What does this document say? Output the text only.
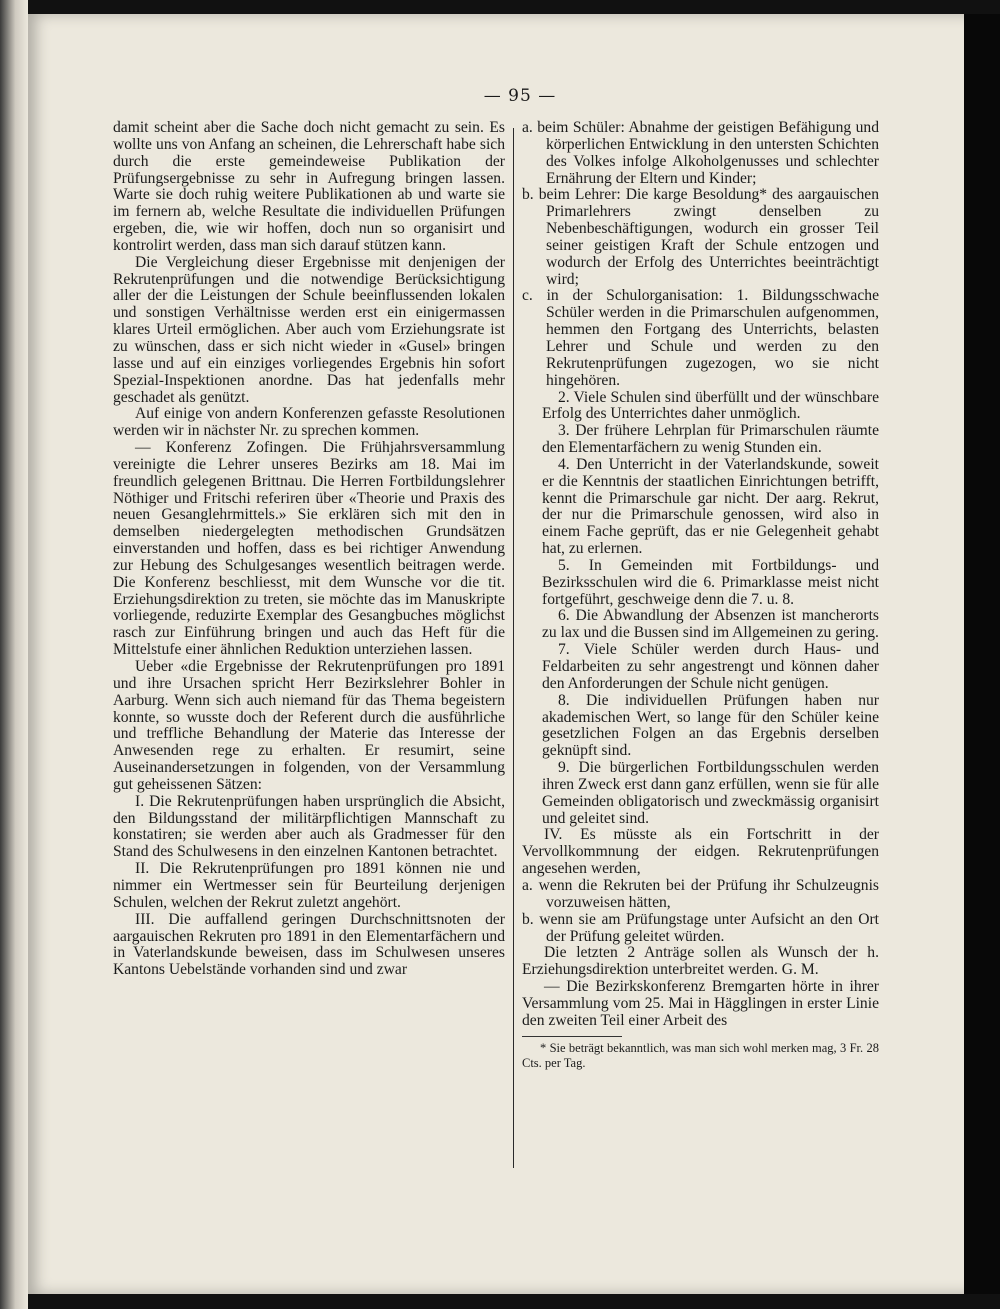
— 95 —

damit scheint aber die Sache doch nicht gemacht zu sein. Es wollte uns von Anfang an scheinen, die Lehrerschaft habe sich durch die erste gemeindeweise Publikation der Prüfungsergebnisse zu sehr in Aufregung bringen lassen. Warte sie doch ruhig weitere Publikationen ab und warte sie im fernern ab, welche Resultate die individuellen Prüfungen ergeben, die, wie wir hoffen, doch nun so organisirt und kontrolirt werden, dass man sich darauf stützen kann.

Die Vergleichung dieser Ergebnisse mit denjenigen der Rekrutenprüfungen und die notwendige Berücksichtigung aller der die Leistungen der Schule beeinflussenden lokalen und sonstigen Verhältnisse werden erst ein einigermassen klares Urteil ermöglichen. Aber auch vom Erziehungsrate ist zu wünschen, dass er sich nicht wieder in «Gusel» bringen lasse und auf ein einziges vorliegendes Ergebnis hin sofort Spezial-Inspektionen anordne. Das hat jedenfalls mehr geschadet als genützt.

Auf einige von andern Konferenzen gefasste Resolutionen werden wir in nächster Nr. zu sprechen kommen.

— Konferenz Zofingen. Die Frühjahrsversammlung vereinigte die Lehrer unseres Bezirks am 18. Mai im freundlich gelegenen Brittnau. Die Herren Fortbildungslehrer Nöthiger und Fritschi referiren über «Theorie und Praxis des neuen Gesanglehrmittels.» Sie erklären sich mit den in demselben niedergelegten methodischen Grundsätzen einverstanden und hoffen, dass es bei richtiger Anwendung zur Hebung des Schulgesanges wesentlich beitragen werde. Die Konferenz beschliesst, mit dem Wunsche vor die tit. Erziehungsdirektion zu treten, sie möchte das im Manuskripte vorliegende, reduzirte Exemplar des Gesangbuches möglichst rasch zur Einführung bringen und auch das Heft für die Mittelstufe einer ähnlichen Reduktion unterziehen lassen.

Ueber «die Ergebnisse der Rekrutenprüfungen pro 1891 und ihre Ursachen spricht Herr Bezirkslehrer Bohler in Aarburg. Wenn sich auch niemand für das Thema begeistern konnte, so wusste doch der Referent durch die ausführliche und treffliche Behandlung der Materie das Interesse der Anwesenden rege zu erhalten. Er resumirt, seine Auseinandersetzungen in folgenden, von der Versammlung gut geheissenen Sätzen:

I. Die Rekrutenprüfungen haben ursprünglich die Absicht, den Bildungsstand der militärpflichtigen Mannschaft zu konstatiren; sie werden aber auch als Gradmesser für den Stand des Schulwesens in den einzelnen Kantonen betrachtet.

II. Die Rekrutenprüfungen pro 1891 können nie und nimmer ein Wertmesser sein für Beurteilung derjenigen Schulen, welchen der Rekrut zuletzt angehört.

III. Die auffallend geringen Durchschnittsnoten der aargauischen Rekruten pro 1891 in den Elementarfächern und in Vaterlandskunde beweisen, dass im Schulwesen unseres Kantons Uebelstände vorhanden sind und zwar

a. beim Schüler: Abnahme der geistigen Befähigung und körperlichen Entwicklung in den untersten Schichten des Volkes infolge Alkoholgenusses und schlechter Ernährung der Eltern und Kinder;

b. beim Lehrer: Die karge Besoldung* des aargauischen Primarlehrers zwingt denselben zu Nebenbeschäftigungen, wodurch ein grosser Teil seiner geistigen Kraft der Schule entzogen und wodurch der Erfolg des Unterrichtes beeinträchtigt wird;

c. in der Schulorganisation: 1. Bildungsschwache Schüler werden in die Primarschulen aufgenommen, hemmen den Fortgang des Unterrichts, belasten Lehrer und Schule und werden zu den Rekrutenprüfungen zugezogen, wo sie nicht hingehören.

2. Viele Schulen sind überfüllt und der wünschbare Erfolg des Unterrichtes daher unmöglich.

3. Der frühere Lehrplan für Primarschulen räumte den Elementarfächern zu wenig Stunden ein.

4. Den Unterricht in der Vaterlandskunde, soweit er die Kenntnis der staatlichen Einrichtungen betrifft, kennt die Primarschule gar nicht. Der aarg. Rekrut, der nur die Primarschule genossen, wird also in einem Fache geprüft, das er nie Gelegenheit gehabt hat, zu erlernen.

5. In Gemeinden mit Fortbildungs- und Bezirksschulen wird die 6. Primarklasse meist nicht fortgeführt, geschweige denn die 7. u. 8.

6. Die Abwandlung der Absenzen ist mancherorts zu lax und die Bussen sind im Allgemeinen zu gering.

7. Viele Schüler werden durch Haus- und Feldarbeiten zu sehr angestrengt und können daher den Anforderungen der Schule nicht genügen.

8. Die individuellen Prüfungen haben nur akademischen Wert, so lange für den Schüler keine gesetzlichen Folgen an das Ergebnis derselben geknüpft sind.

9. Die bürgerlichen Fortbildungsschulen werden ihren Zweck erst dann ganz erfüllen, wenn sie für alle Gemeinden obligatorisch und zweckmässig organisirt und geleitet sind.

IV. Es müsste als ein Fortschritt in der Vervollkommnung der eidgen. Rekrutenprüfungen angesehen werden,

a. wenn die Rekruten bei der Prüfung ihr Schulzeugnis vorzuweisen hätten,

b. wenn sie am Prüfungstage unter Aufsicht an den Ort der Prüfung geleitet würden.

Die letzten 2 Anträge sollen als Wunsch der h. Erziehungsdirektion unterbreitet werden. G. M.

— Die Bezirkskonferenz Bremgarten hörte in ihrer Versammlung vom 25. Mai in Hägglingen in erster Linie den zweiten Teil einer Arbeit des

* Sie beträgt bekanntlich, was man sich wohl merken mag, 3 Fr. 28 Cts. per Tag.
